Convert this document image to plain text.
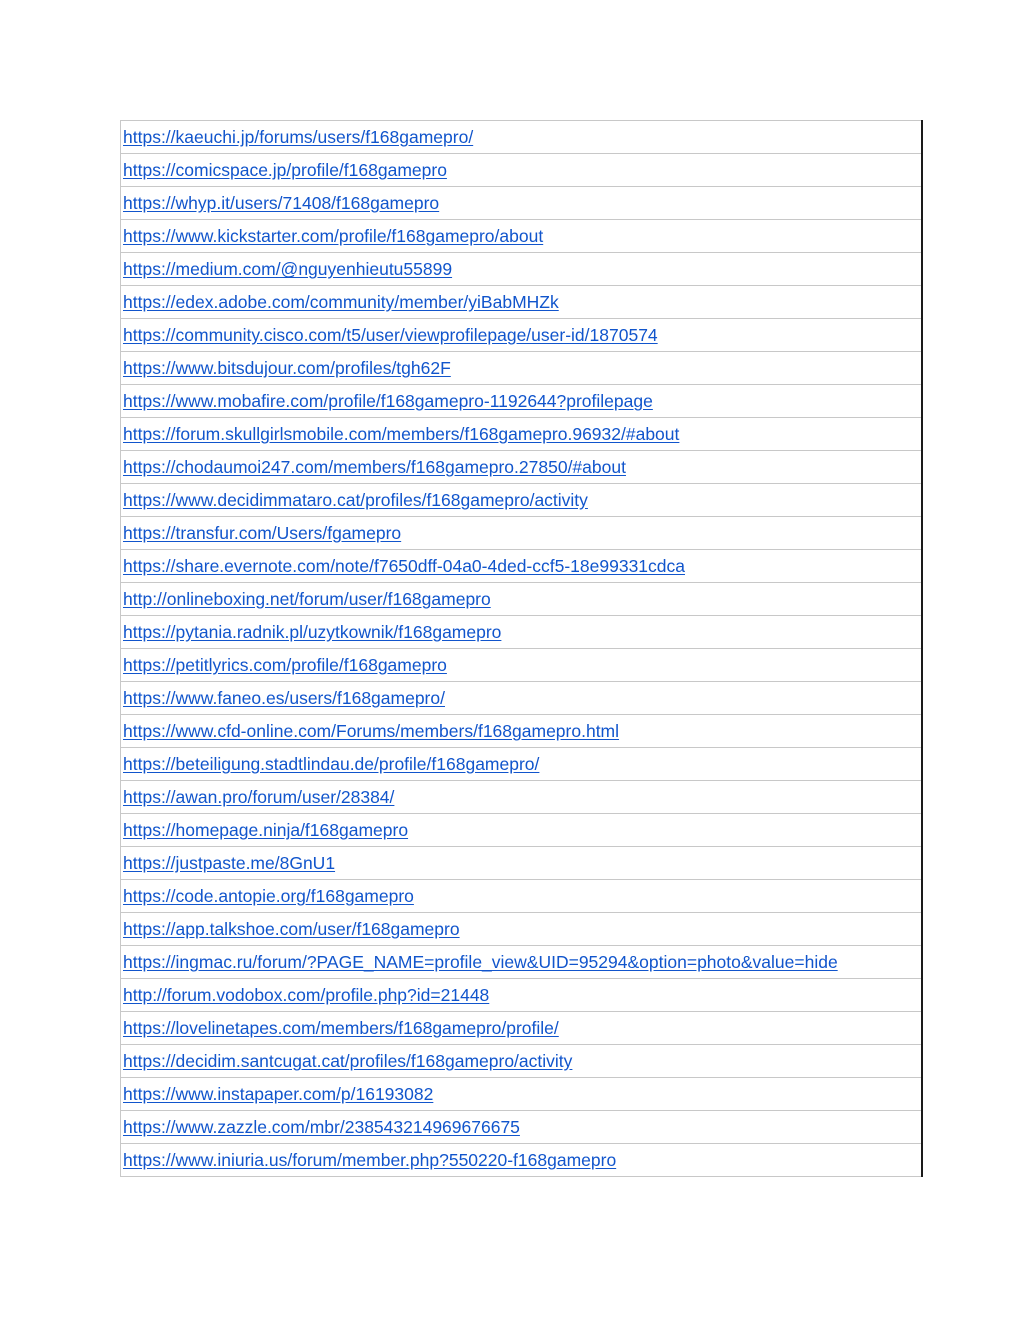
https://kaeuchi.jp/forums/users/f168gamepro/
https://comicspace.jp/profile/f168gamepro
https://whyp.it/users/71408/f168gamepro
https://www.kickstarter.com/profile/f168gamepro/about
https://medium.com/@nguyenhieutu55899
https://edex.adobe.com/community/member/yiBabMHZk
https://community.cisco.com/t5/user/viewprofilepage/user-id/1870574
https://www.bitsdujour.com/profiles/tgh62F
https://www.mobafire.com/profile/f168gamepro-1192644?profilepage
https://forum.skullgirlsmobile.com/members/f168gamepro.96932/#about
https://chodaumoi247.com/members/f168gamepro.27850/#about
https://www.decidimmataro.cat/profiles/f168gamepro/activity
https://transfur.com/Users/fgamepro
https://share.evernote.com/note/f7650dff-04a0-4ded-ccf5-18e99331cdca
http://onlineboxing.net/forum/user/f168gamepro
https://pytania.radnik.pl/uzytkownik/f168gamepro
https://petitlyrics.com/profile/f168gamepro
https://www.faneo.es/users/f168gamepro/
https://www.cfd-online.com/Forums/members/f168gamepro.html
https://beteiligung.stadtlindau.de/profile/f168gamepro/
https://awan.pro/forum/user/28384/
https://homepage.ninja/f168gamepro
https://justpaste.me/8GnU1
https://code.antopie.org/f168gamepro
https://app.talkshoe.com/user/f168gamepro
https://ingmac.ru/forum/?PAGE_NAME=profile_view&UID=95294&option=photo&value=hide
http://forum.vodobox.com/profile.php?id=21448
https://lovelinetapes.com/members/f168gamepro/profile/
https://decidim.santcugat.cat/profiles/f168gamepro/activity
https://www.instapaper.com/p/16193082
https://www.zazzle.com/mbr/238543214969676675
https://www.iniuria.us/forum/member.php?550220-f168gamepro
